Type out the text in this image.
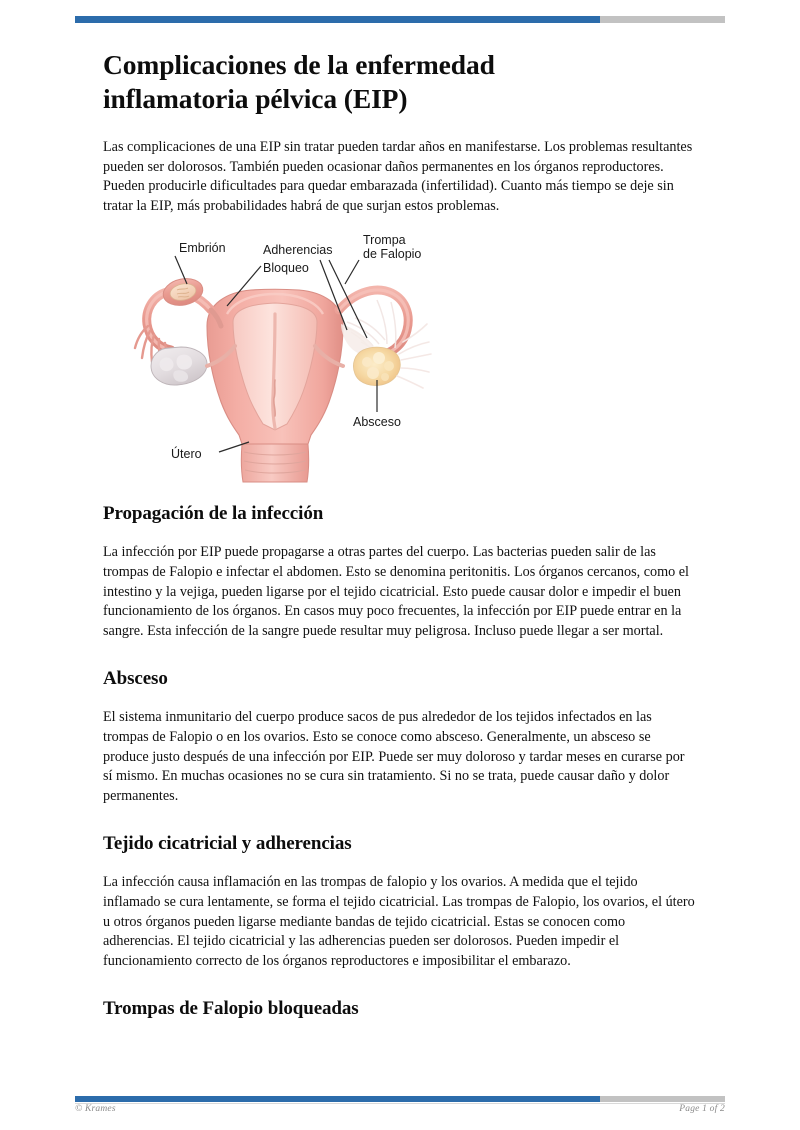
Complicaciones de la enfermedad inflamatoria pélvica (EIP)

Las complicaciones de una EIP sin tratar pueden tardar años en manifestarse. Los problemas resultantes pueden ser dolorosos. También pueden ocasionar daños permanentes en los órganos reproductores. Pueden producirle dificultades para quedar embarazada (infertilidad). Cuanto más tiempo se deje sin tratar la EIP, más probabilidades habrá de que surjan estos problemas.

Embrión
Bloqueo
Adherencias
Trompa
de Falopio
Absceso
Útero
Propagación de la infección

La infección por EIP puede propagarse a otras partes del cuerpo. Las bacterias pueden salir de las trompas de Falopio e infectar el abdomen. Esto se denomina peritonitis. Los órganos cercanos, como el intestino y la vejiga, pueden ligarse por el tejido cicatricial. Esto puede causar dolor e impedir el buen funcionamiento de los órganos. En casos muy poco frecuentes, la infección por EIP puede entrar en la sangre. Esta infección de la sangre puede resultar muy peligrosa. Incluso puede llegar a ser mortal.

Absceso

El sistema inmunitario del cuerpo produce sacos de pus alrededor de los tejidos infectados en las trompas de Falopio o en los ovarios. Esto se conoce como absceso. Generalmente, un absceso se produce justo después de una infección por EIP. Puede ser muy doloroso y tardar meses en curarse por sí mismo. En muchas ocasiones no se cura sin tratamiento. Si no se trata, puede causar daño y dolor permanentes.

Tejido cicatricial y adherencias

La infección causa inflamación en las trompas de falopio y los ovarios. A medida que el tejido inflamado se cura lentamente, se forma el tejido cicatricial. Las trompas de Falopio, los ovarios, el útero u otros órganos pueden ligarse mediante bandas de tejido cicatricial. Estas se conocen como adherencias. El tejido cicatricial y las adherencias pueden ser dolorosos. Pueden impedir el funcionamiento correcto de los órganos reproductores e imposibilitar el embarazo.

Trompas de Falopio bloqueadas
© Krames	Page 1 of 2
